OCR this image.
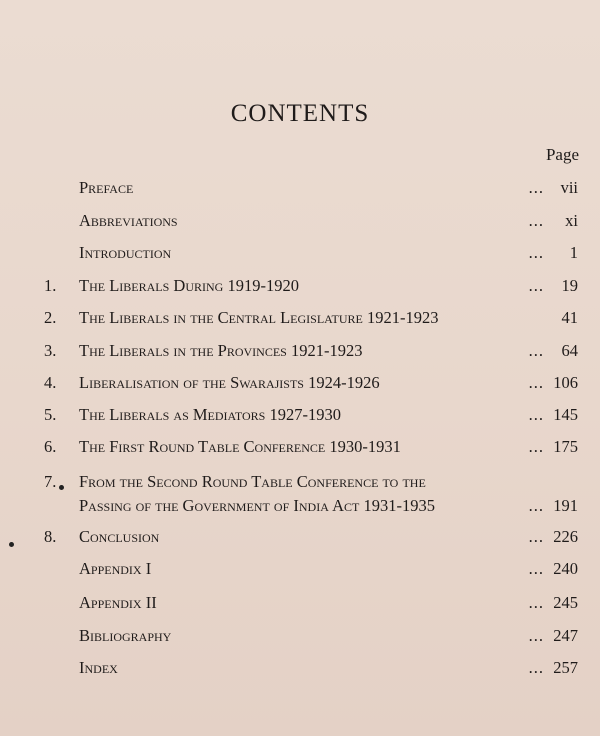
CONTENTS
Page
Preface	... vii
Abbreviations	... xi
Introduction	... 1
1.	The Liberals During 1919-1920	... 19
2.	The Liberals in the Central Legislature 1921-1923	41
3.	The Liberals in the Provinces 1921-1923	... 64
4.	Liberalisation of the Swarajists 1924-1926	... 106
5.	The Liberals as Mediators 1927-1930	... 145
6.	The First Round Table Conference 1930-1931	... 175
7.	From the Second Round Table Conference to the
Passing of the Government of India Act 1931-1935	... 191
8.	Conclusion	... 226
Appendix I	... 240
Appendix II	... 245
Bibliography	... 247
Index	... 257
